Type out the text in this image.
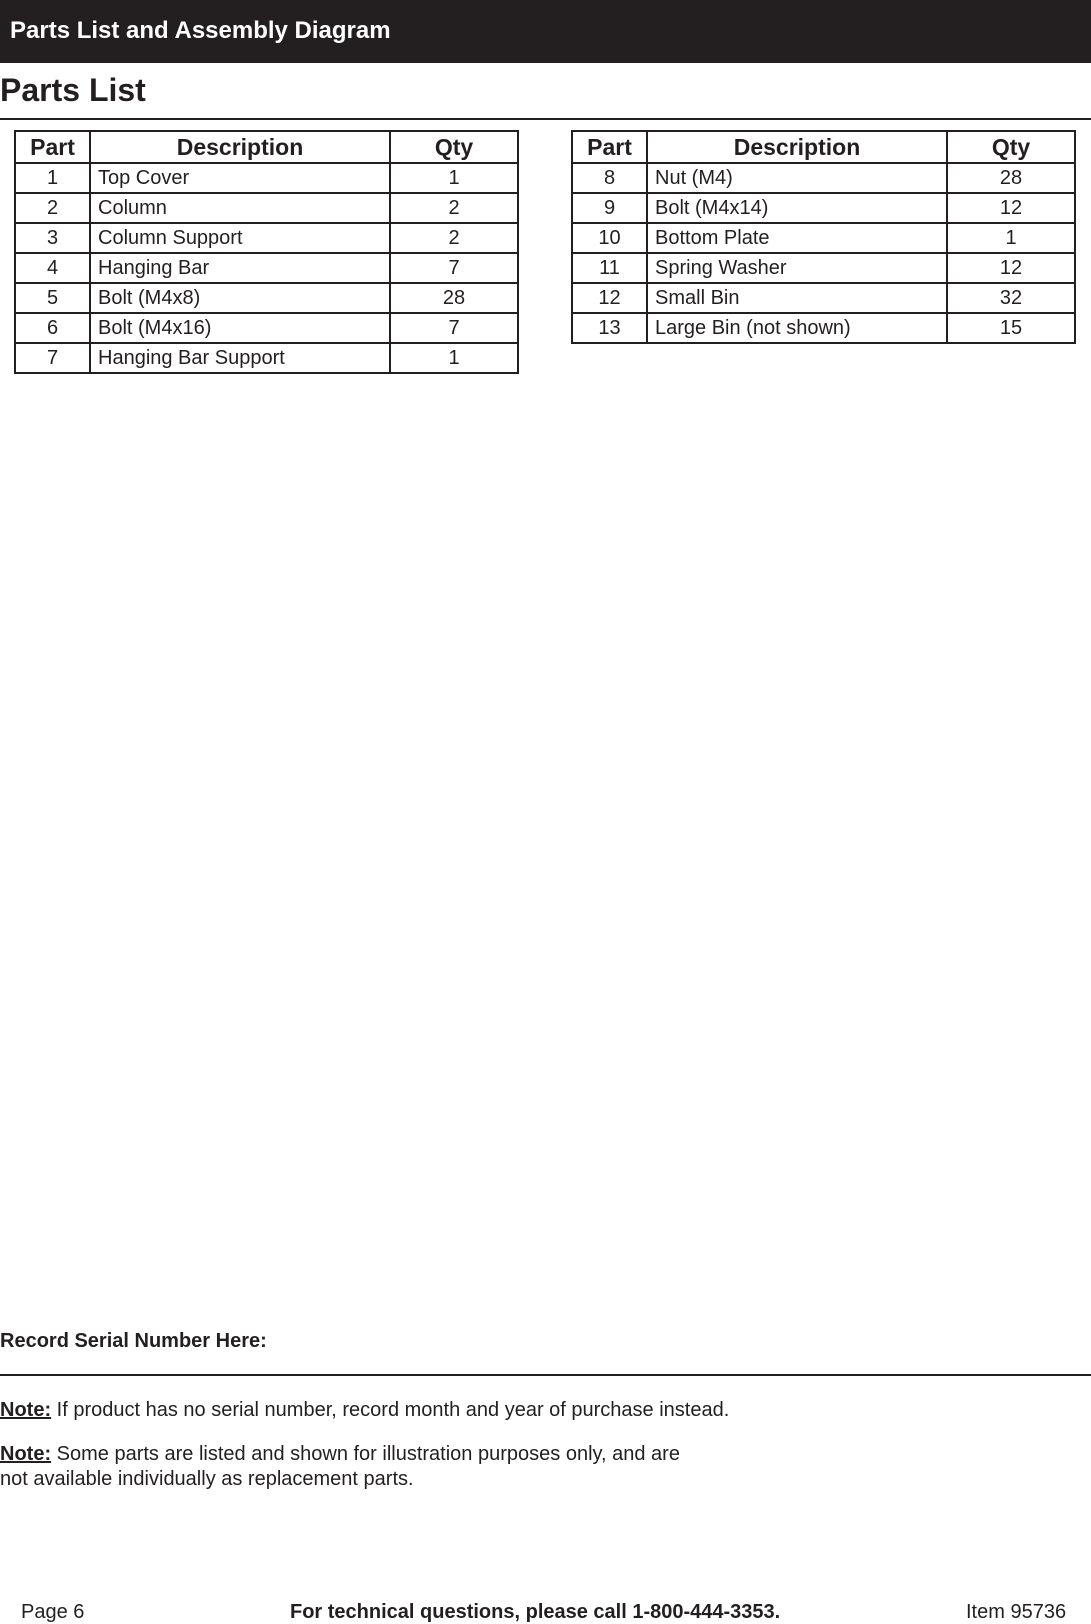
Parts List and Assembly Diagram
Parts List
Part	Description	Qty
1	Top Cover	1
2	Column	2
3	Column Support	2
4	Hanging Bar	7
5	Bolt (M4x8)	28
6	Bolt (M4x16)	7
7	Hanging Bar Support	1
Part	Description	Qty
8	Nut (M4)	28
9	Bolt (M4x14)	12
10	Bottom Plate	1
11	Spring Washer	12
12	Small Bin	32
13	Large Bin (not shown)	15
Record Serial Number Here:
Note: If product has no serial number, record month and year of purchase instead.
Note: Some parts are listed and shown for illustration purposes only, and are not available individually as replacement parts.
Page 6	For technical questions, please call 1-800-444-3353.	Item 95736
